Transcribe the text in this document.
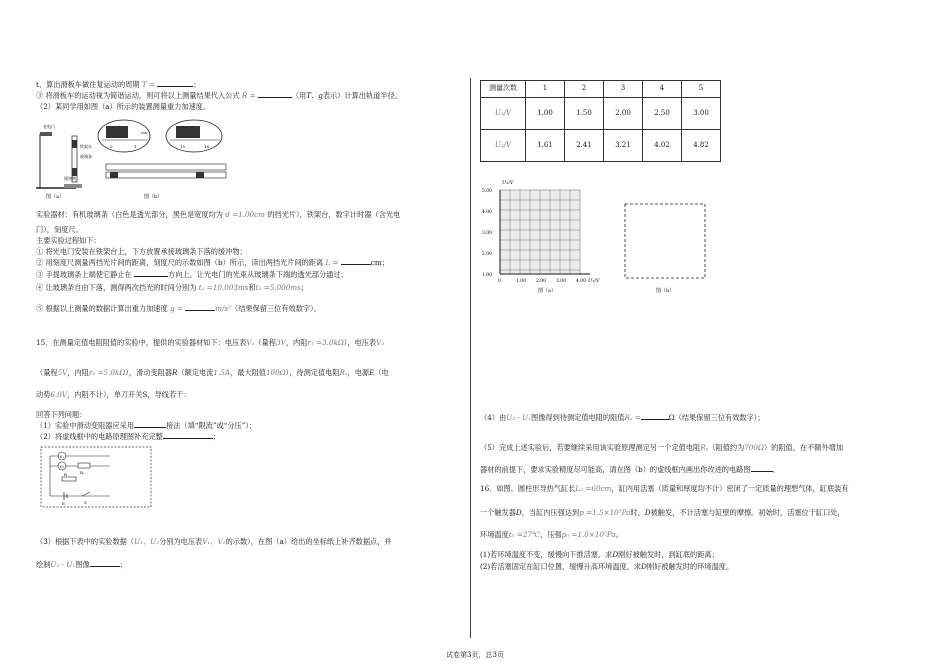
t、算出滑板车做往复运动的周期 T =	；
③ 将滑板车的运动视为简谐运动，则可将以上测量结果代入公式 R =	（用T、g表示）计算出轨道半径。
（2）某同学用如图（a）所示的装置测量重力加速度。
光电门
铁架台
玻璃条
缓冲物
0	1
cm
15	16
图（a）	图（b）
实验器材：有机玻璃条（白色是透光部分，黑色是宽度均为 d =1.00cm 的挡光片），铁架台，数字计时器（含光电
门），刻度尺。
主要实验过程如下：
① 将光电门安装在铁架台上，下方放置承接玻璃条下落的缓冲物；
② 用刻度尺测量两挡光片间的距离，刻度尺的示数如图（b）所示，读出两挡光片间的距离 L =	cm；
③ 手提玻璃条上端使它静止在	方向上，让光电门的光束从玻璃条下端的透光部分通过；
④ 让玻璃条自由下落，测得两次挡光的时间分别为 t₁ =10.003ms和t₂ =5.000ms；
⑤ 根据以上测量的数据计算出重力加速度 g =	m/s²（结果保留三位有效数字）。
15．在测量定值电阻阻值的实验中，提供的实验器材如下：电压表V₁（量程3V，内阻r₁ =3.0kΩ），电压表V₂
（量程5V，内阻r₂ =5.0kΩ），滑动变阻器R（额定电流1.5A，最大阻值100Ω），待测定值电阻Rₓ，电源E（电
动势6.0V，内阻不计），单刀开关S，导线若干：
回答下列问题：
（1）实验中滑动变阻器应采用	接法（填“限流”或“分压”）；
（2）将虚线框中的电路原理图补充完整	；
V₁
V₂
Rₓ
R
E	S
（3）根据下表中的实验数据（U₁、U₂分别为电压表V₁、V₂的示数），在图（a）给出的坐标纸上补齐数据点，并
绘制U₂ - U₁图像	；
测量次数	1	2	3	4	5
U₁/V	1.00	1.50	2.00	2.50	3.00
U₂/V	1.61	2.41	3.21	4.02	4.82
U₂/V
U₁/V
5.00
4.00
3.00
2.00
1.00
0	1.00 2.00 3.00 4.00
图（a）	图（b）
（4）由U₂ - U₁图像得到待测定值电阻的阻值Rₓ =	Ω（结果保留三位有效数字）；
（5）完成上述实验后，若要继续采用该实验原理测定另一个定值电阻Rᵧ（阻值约为700Ω）的阻值，在不额外增加
器材的前提下，要求实验精度尽可能高，请在图（b）的虚线框内画出你改进的电路图	。
16．如图，圆柱形导热气缸长L₀ =60cm，缸内用活塞（质量和厚度均不计）密闭了一定质量的理想气体，缸底装有
一个触发器D，当缸内压强达到p =1.5×10⁵Pa时，D被触发，不计活塞与缸壁的摩擦。初始时，活塞位于缸口处，
环境温度t₀ =27℃，压强p₀ =1.0×10⁵Pa。
(1)若环境温度不变，缓慢向下推活塞，求D刚好被触发时，到缸底的距离；
(2)若活塞固定在缸口位置，缓慢升高环境温度，求D刚好被触发时的环境温度。
试卷第3页，总3页
